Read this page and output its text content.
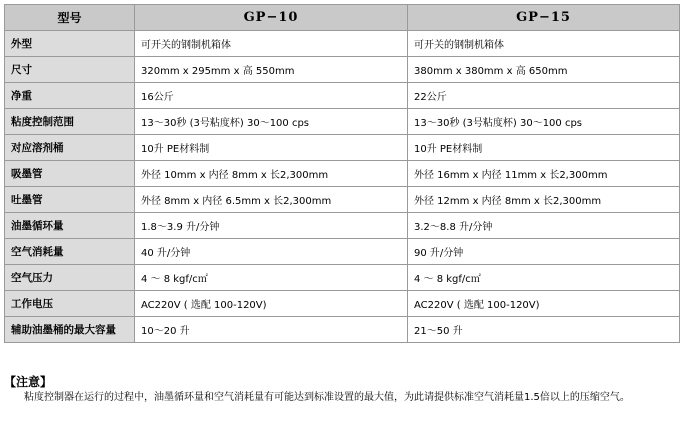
型号	GP−10	GP−15
外型	可开关的钢制机箱体	可开关的钢制机箱体
尺寸	320mm x 295mm x 高 550mm	380mm x 380mm x 高 650mm
净重	16公斤	22公斤
粘度控制范围	13～30秒 (3号粘度杯) 30～100 cps	13～30秒 (3号粘度杯) 30～100 cps
对应溶剂桶	10升 PE材料制	10升 PE材料制
吸墨管	外径 10mm x 内径 8mm x 长2,300mm	外径 16mm x 内径 11mm x 长2,300mm
吐墨管	外径 8mm x 内径 6.5mm x 长2,300mm	外径 12mm x 内径 8mm x 长2,300mm
油墨循环量	1.8～3.9 升/分钟	3.2～8.8 升/分钟
空气消耗量	40 升/分钟	90 升/分钟
空气压力	4 ～ 8 kgf/c㎡	4 ～ 8 kgf/c㎡
工作电压	AC220V ( 选配 100-120V)	AC220V ( 选配 100-120V)
辅助油墨桶的最大容量	10～20 升	21～50 升
【注意】
粘度控制器在运行的过程中，油墨循环量和空气消耗量有可能达到标准设置的最大值，为此请提供标准空气消耗量1.5倍以上的压缩空气。
